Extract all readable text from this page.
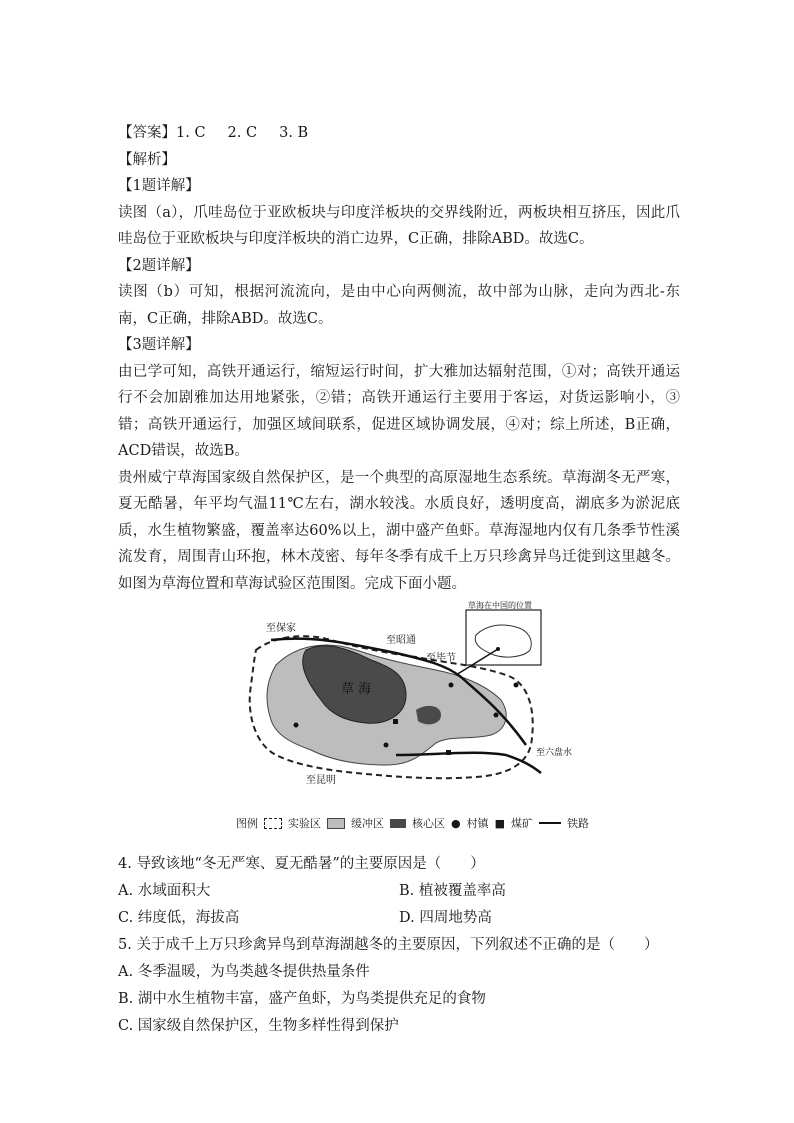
【答案】1. C 2. C 3. B

【解析】

【1题详解】

读图（a），爪哇岛位于亚欧板块与印度洋板块的交界线附近，两板块相互挤压，因此爪哇岛位于亚欧板块与印度洋板块的消亡边界，C正确，排除ABD。故选C。

【2题详解】

读图（b）可知，根据河流流向，是由中心向两侧流，故中部为山脉，走向为西北-东南，C正确，排除ABD。故选C。

【3题详解】

由已学可知，高铁开通运行，缩短运行时间，扩大雅加达辐射范围，①对；高铁开通运行不会加剧雅加达用地紧张，②错；高铁开通运行主要用于客运，对货运影响小，③错；高铁开通运行，加强区域间联系，促进区域协调发展，④对；综上所述，B正确，ACD错误，故选B。

贵州威宁草海国家级自然保护区，是一个典型的高原湿地生态系统。草海湖冬无严寒，夏无酷暑，年平均气温11℃左右，湖水较浅。水质良好，透明度高，湖底多为淤泥底质，水生植物繁盛，覆盖率达60%以上，湖中盛产鱼虾。草海湿地内仅有几条季节性溪流发育，周围青山环抱，林木茂密、每年冬季有成千上万只珍禽异鸟迁徙到这里越冬。如图为草海位置和草海试验区范围图。完成下面小题。

草 海
至保家
至昭通
至毕节
至昆明
至六盘水
草海在中国的位置
图例	实验区	缓冲区	核心区 ● 村镇 ■ 煤矿	铁路

4. 导致该地“冬无严寒、夏无酷暑”的主要原因是（　　）

A. 水域面积大	B. 植被覆盖率高
C. 纬度低，海拔高	D. 四周地势高

5. 关于成千上万只珍禽异鸟到草海湖越冬的主要原因，下列叙述不正确的是（　　）

A. 冬季温暖，为鸟类越冬提供热量条件

B. 湖中水生植物丰富，盛产鱼虾，为鸟类提供充足的食物

C. 国家级自然保护区，生物多样性得到保护
